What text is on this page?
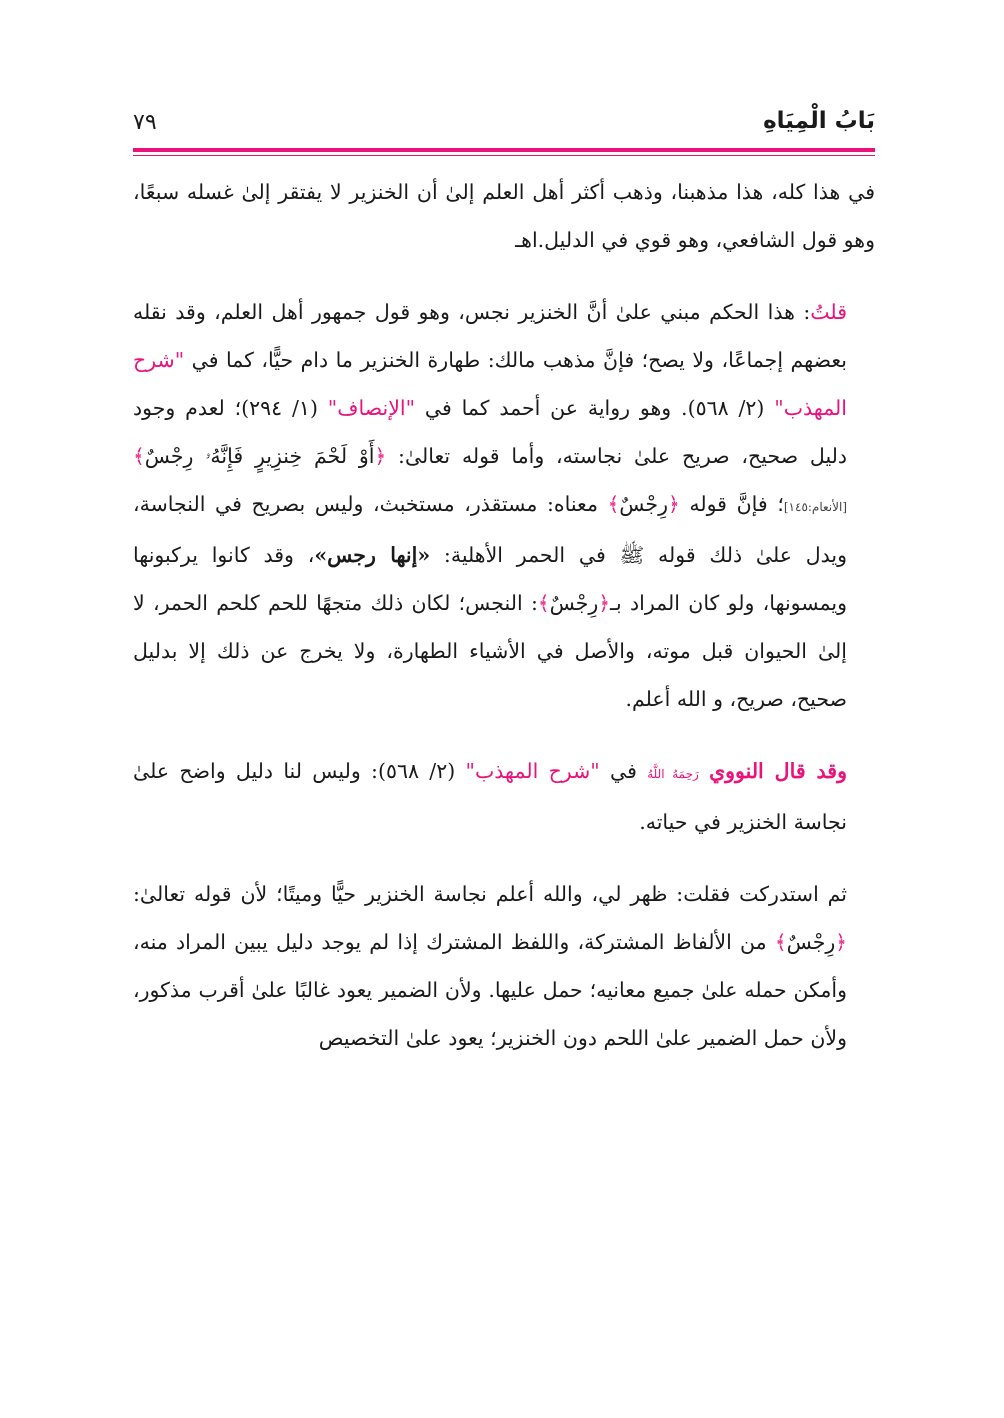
بَابُ الْمِيَاهِ
٧٩

في هذا كله، هذا مذهبنا، وذهب أكثر أهل العلم إلىٰ أن الخنزير لا يفتقر إلىٰ غسله سبعًا، وهو قول الشافعي، وهو قوي في الدليل.اهـ

قلتُ: هذا الحكم مبني علىٰ أنَّ الخنزير نجس، وهو قول جمهور أهل العلم، وقد نقله بعضهم إجماعًا، ولا يصح؛ فإنَّ مذهب مالك: طهارة الخنزير ما دام حيًّا، كما في "شرح المهذب" (٢/ ٥٦٨). وهو رواية عن أحمد كما في "الإنصاف" (١/ ٢٩٤)؛ لعدم وجود دليل صحيح، صريح علىٰ نجاسته، وأما قوله تعالىٰ: ﴿أَوْ لَحْمَ خِنزِيرٍ فَإِنَّهُۥ رِجْسٌ﴾ [الأنعام:١٤٥]؛ فإنَّ قوله ﴿رِجْسٌ﴾ معناه: مستقذر، مستخبث، وليس بصريح في النجاسة، ويدل علىٰ ذلك قوله ﷺ في الحمر الأهلية: «إنها رجس»، وقد كانوا يركبونها ويمسونها، ولو كان المراد بـ﴿رِجْسٌ﴾: النجس؛ لكان ذلك متجهًا للحم كلحم الحمر، لا إلىٰ الحيوان قبل موته، والأصل في الأشياء الطهارة، ولا يخرج عن ذلك إلا بدليل صحيح، صريح، و الله أعلم.

وقد قال النووي رَحِمَهُ اللَّهُ في "شرح المهذب" (٢/ ٥٦٨): وليس لنا دليل واضح علىٰ نجاسة الخنزير في حياته.

ثم استدركت فقلت: ظهر لي، والله أعلم نجاسة الخنزير حيًّا وميتًا؛ لأن قوله تعالىٰ: ﴿رِجْسٌ﴾ من الألفاظ المشتركة، واللفظ المشترك إذا لم يوجد دليل يبين المراد منه، وأمكن حمله علىٰ جميع معانيه؛ حمل عليها. ولأن الضمير يعود غالبًا علىٰ أقرب مذكور، ولأن حمل الضمير علىٰ اللحم دون الخنزير؛ يعود علىٰ التخصيص
